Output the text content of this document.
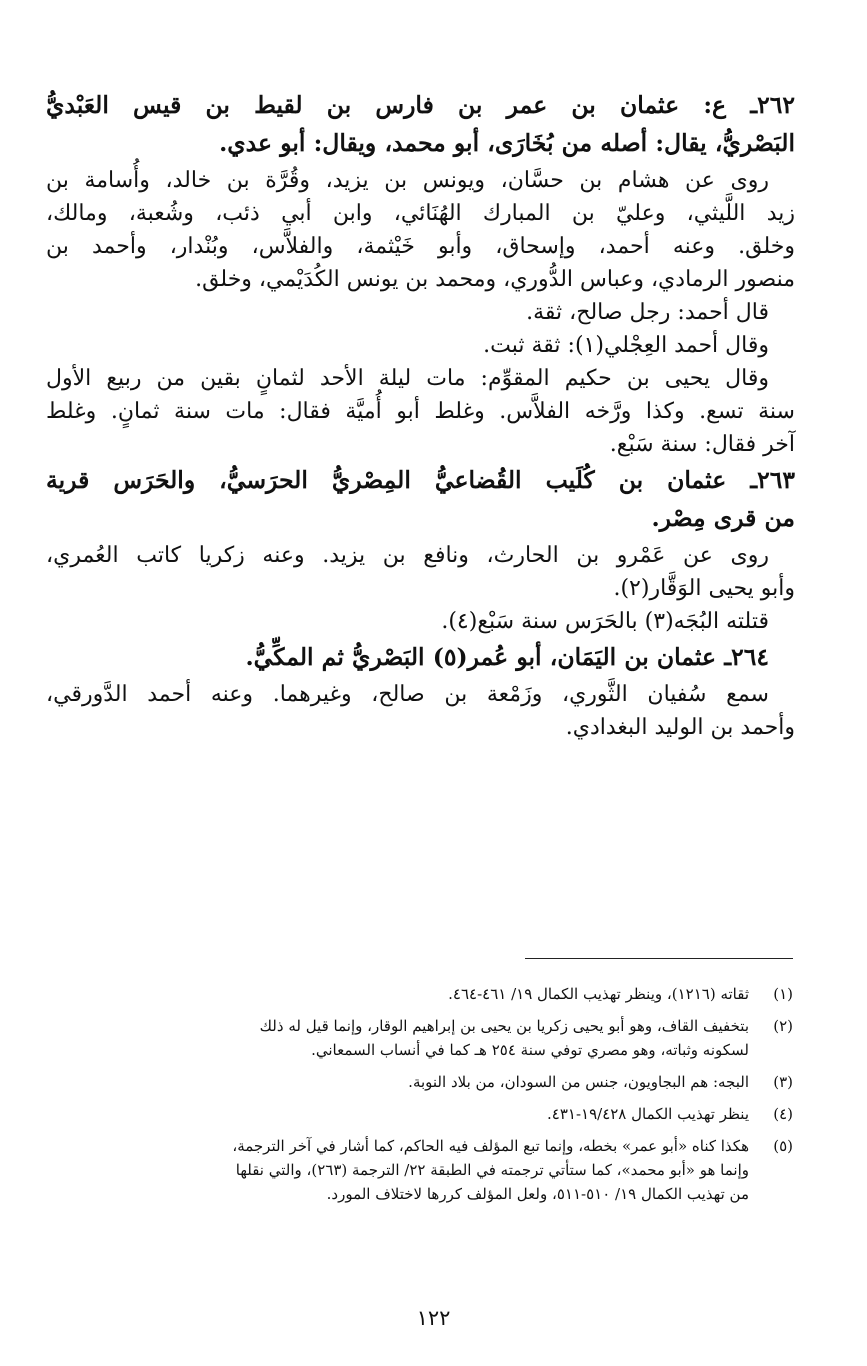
٢٦٢ـ ع: عثمان بن عمر بن فارس بن لقيط بن قيس العَبْديُّ
البَصْريُّ، يقال: أصله من بُخَارَى، أبو محمد، ويقال: أبو عدي.
روى عن هشام بن حسَّان، ويونس بن يزيد، وقُرَّة بن خالد، وأُسامة بن
زيد اللَّيثي، وعليّ بن المبارك الهُنَائي، وابن أبي ذئب، وشُعبة، ومالك،
وخلق. وعنه أحمد، وإسحاق، وأبو خَيْثمة، والفلاَّس، وبُنْدار، وأحمد بن
منصور الرمادي، وعباس الدُّوري، ومحمد بن يونس الكُدَيْمي، وخلق.
قال أحمد: رجل صالح، ثقة.
وقال أحمد العِجْلي(١): ثقة ثبت.
وقال يحيى بن حكيم المقوِّم: مات ليلة الأحد لثمانٍ بقين من ربيع الأول
سنة تسع. وكذا ورَّخه الفلاَّس. وغلط أبو أُميَّة فقال: مات سنة ثمانٍ. وغلط
آخر فقال: سنة سَبْع.
٢٦٣ـ عثمان بن كُلَيب القُضاعيُّ المِصْريُّ الحرَسيُّ، والحَرَس قرية
من قرى مِصْر.
روى عن عَمْرو بن الحارث، ونافع بن يزيد. وعنه زكريا كاتب العُمري،
وأبو يحيى الوَقَّار(٢).
قتلته البُجَه(٣) بالحَرَس سنة سَبْع(٤).
٢٦٤ـ عثمان بن اليَمَان، أبو عُمر(٥) البَصْريُّ ثم المكِّيُّ.
سمع سُفيان الثَّوري، وزَمْعة بن صالح، وغيرهما. وعنه أحمد الدَّورقي،
وأحمد بن الوليد البغدادي.
(١)
ثقاته (١٢١٦)، وينظر تهذيب الكمال ١٩/ ٤٦١-٤٦٤.
(٢)
بتخفيف القاف، وهو أبو يحيى زكريا بن يحيى بن إبراهيم الوقار، وإنما قيل له ذلك
لسكونه وثباته، وهو مصري توفي سنة ٢٥٤ هـ كما في أنساب السمعاني.
(٣)
البجه: هم البجاويون، جنس من السودان، من بلاد النوبة.
(٤)
ينظر تهذيب الكمال ١٩/٤٢٨-٤٣١.
(٥)
هكذا كناه «أبو عمر» بخطه، وإنما تبع المؤلف فيه الحاكم، كما أشار في آخر الترجمة،
وإنما هو «أبو محمد»، كما ستأتي ترجمته في الطبقة ٢٢/ الترجمة (٢٦٣)، والتي نقلها
من تهذيب الكمال ١٩/ ٥١٠-٥١١، ولعل المؤلف كررها لاختلاف المورد.
١٢٢
